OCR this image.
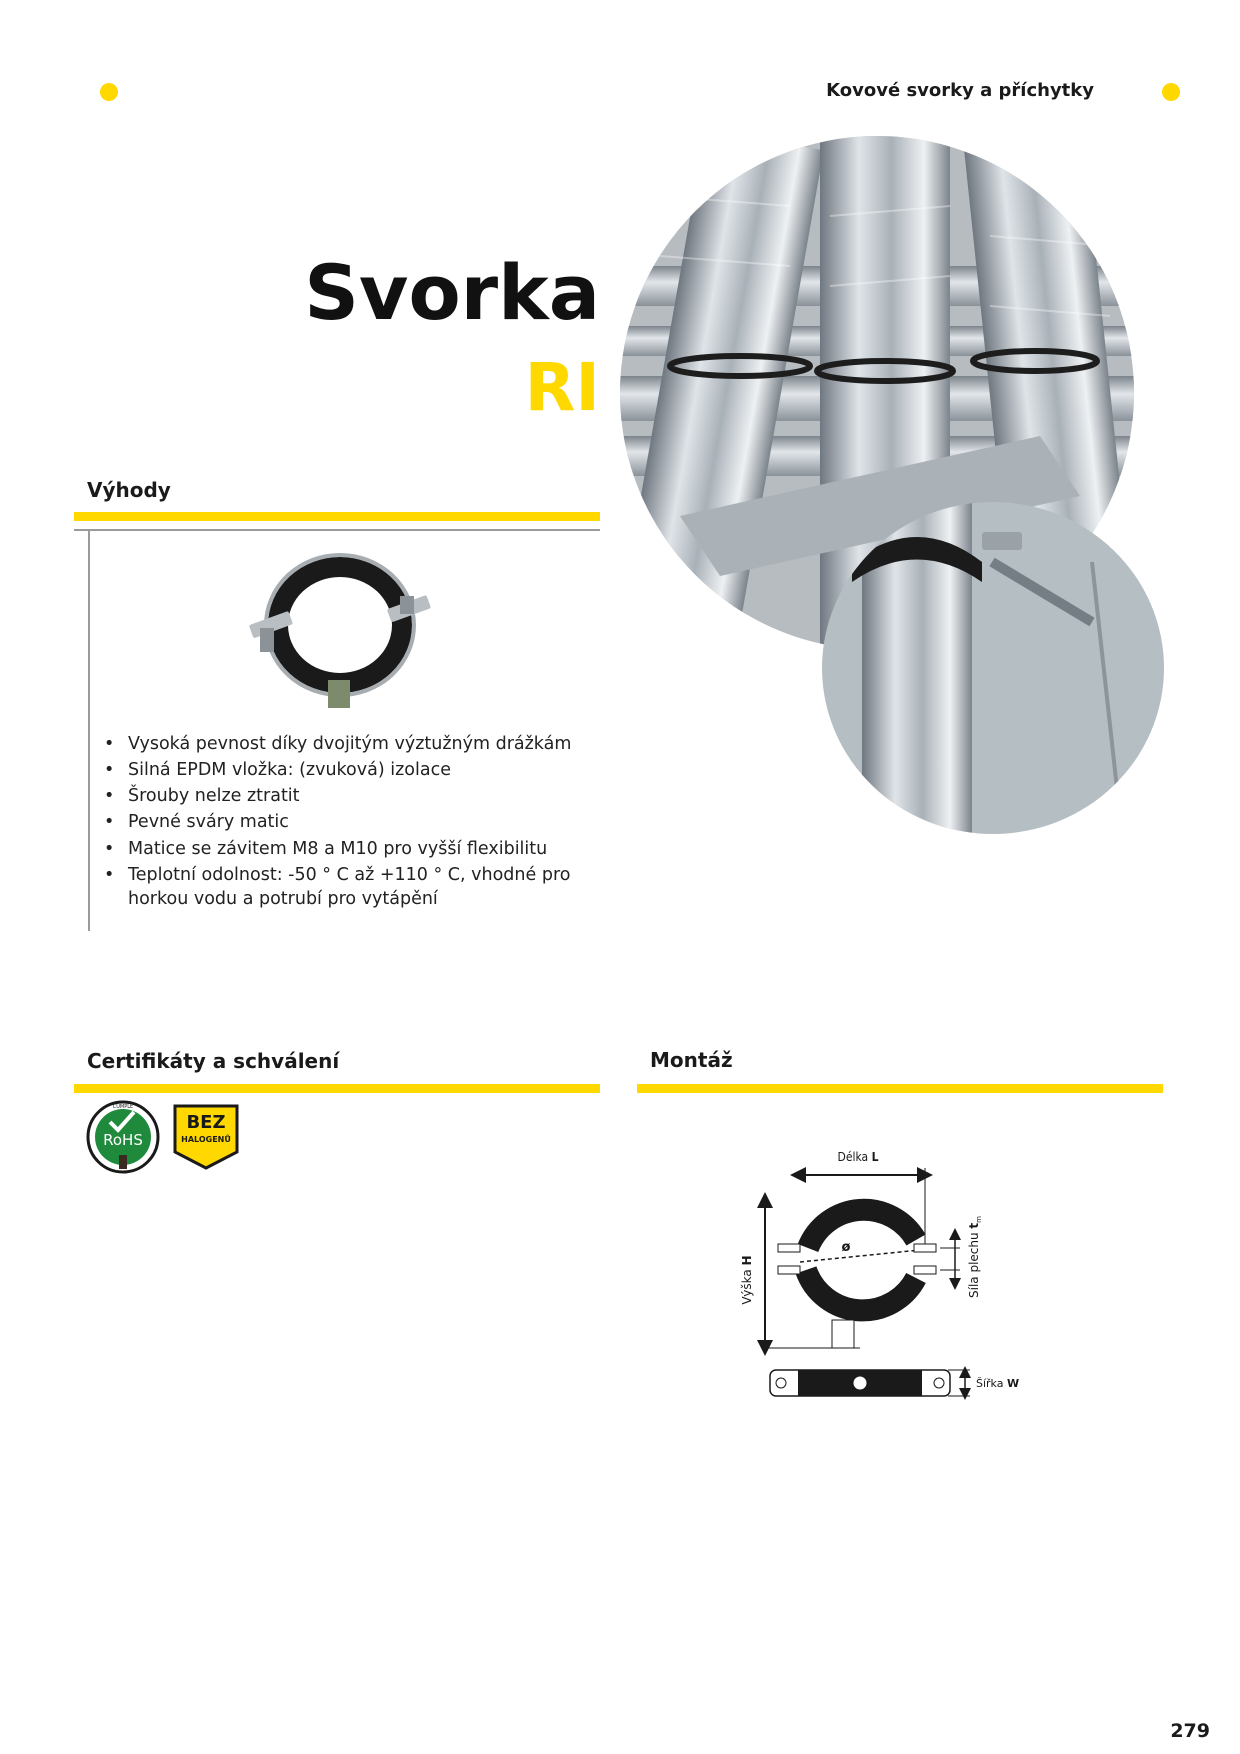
Kovové svorky a příchytky
Svorka
RI
Výhody
• Vysoká pevnost díky dvojitým výztužným drážkám
• Silná EPDM vložka: (zvuková) izolace
• Šrouby nelze ztratit
• Pevné sváry matic
• Matice se závitem M8 a M10 pro vyšší flexibilitu
• Teplotní odolnost: -50 ° C až +110 ° C, vhodné pro horkou vodu a potrubí pro vytápění
Certifikáty a schválení
CUMPLE
RoHS
BEZ
HALOGENŮ
Montáž
Délka L
Výška H
ø	Síla plechu $t_m$
Šířka W
279
